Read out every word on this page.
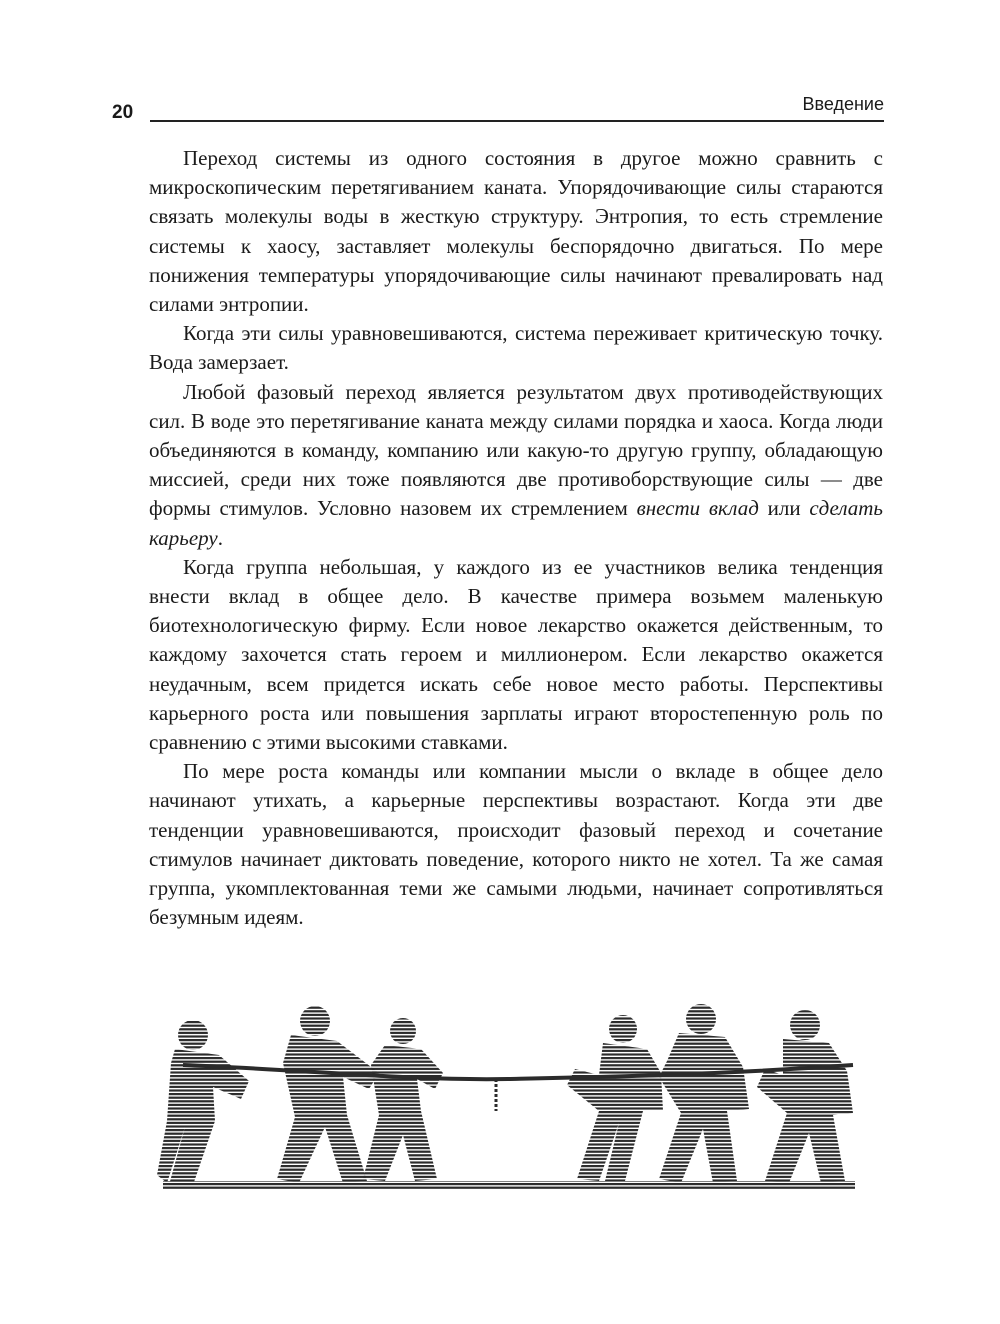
20	Введение

Переход системы из одного состояния в другое можно сравнить с микроскопическим перетягиванием каната. Упорядочивающие силы стараются связать молекулы воды в жесткую структуру. Энтропия, то есть стремление системы к хаосу, заставляет молекулы беспорядочно двигаться. По мере понижения температуры упорядочивающие силы начинают превалировать над силами энтропии.

Когда эти силы уравновешиваются, система переживает критическую точку. Вода замерзает.

Любой фазовый переход является результатом двух противодействующих сил. В воде это перетягивание каната между силами порядка и хаоса. Когда люди объединяются в команду, компанию или какую-то другую группу, обладающую миссией, среди них тоже появляются две противоборствующие силы — две формы стимулов. Условно назовем их стремлением внести вклад или сделать карьеру.

Когда группа небольшая, у каждого из ее участников велика тенденция внести вклад в общее дело. В качестве примера возьмем маленькую биотехнологическую фирму. Если новое лекарство окажется действенным, то каждому захочется стать героем и миллионером. Если лекарство окажется неудачным, всем придется искать себе новое место работы. Перспективы карьерного роста или повышения зарплаты играют второстепенную роль по сравнению с этими высокими ставками.

По мере роста команды или компании мысли о вкладе в общее дело начинают утихать, а карьерные перспективы возрастают. Когда эти две тенденции уравновешиваются, происходит фазовый переход и сочетание стимулов начинает диктовать поведение, которого никто не хотел. Та же самая группа, укомплектованная теми же самыми людьми, начинает сопротивляться безумным идеям.
